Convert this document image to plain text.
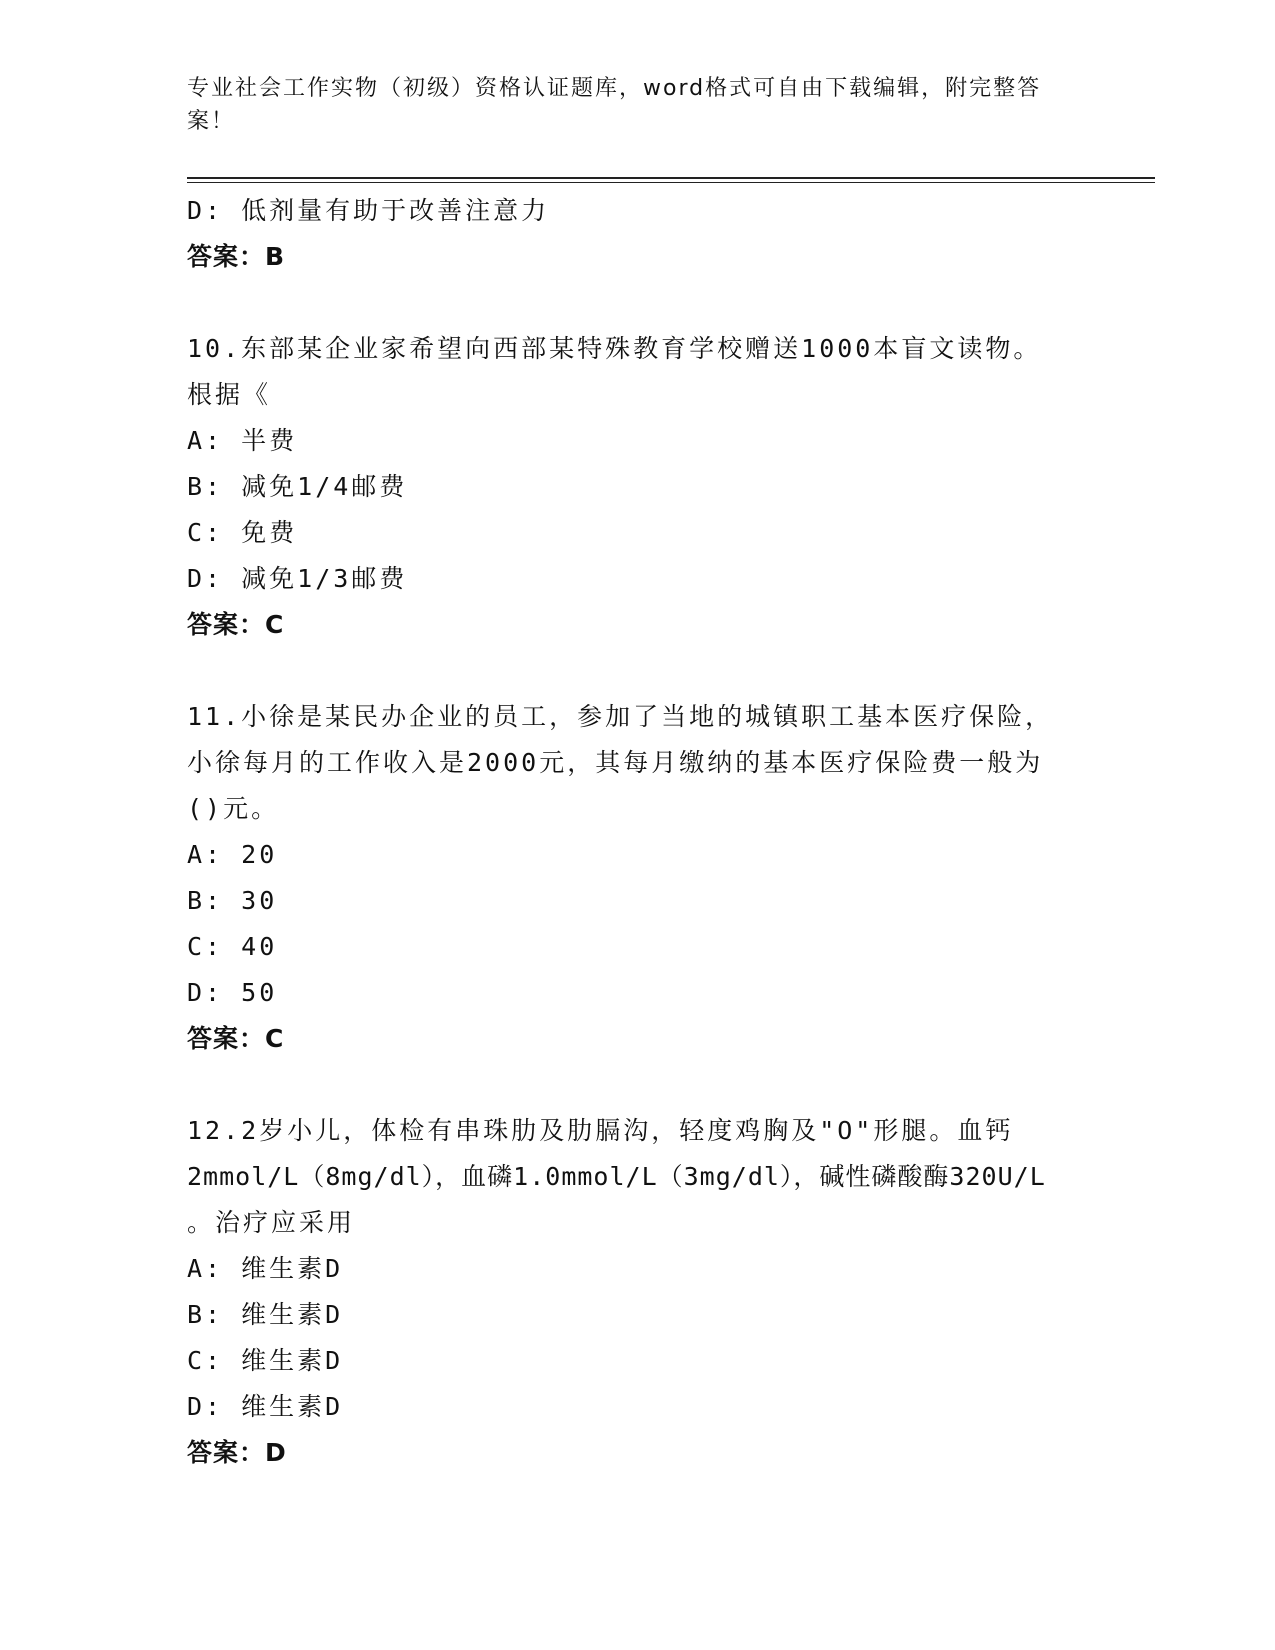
专业社会工作实物（初级）资格认证题库，word格式可自由下载编辑，附完整答
案！
D: 低剂量有助于改善注意力
答案：B
10.东部某企业家希望向西部某特殊教育学校赠送1000本盲文读物。
根据《
A: 半费
B: 减免1/4邮费
C: 免费
D: 减免1/3邮费
答案：C
11.小徐是某民办企业的员工，参加了当地的城镇职工基本医疗保险，
小徐每月的工作收入是2000元，其每月缴纳的基本医疗保险费一般为
()元。
A: 20
B: 30
C: 40
D: 50
答案：C
12.2岁小儿，体检有串珠肋及肋膈沟，轻度鸡胸及"O"形腿。血钙
2mmol/L（8mg/dl），血磷1.0mmol/L（3mg/dl），碱性磷酸酶320U/L
。治疗应采用
A: 维生素D
B: 维生素D
C: 维生素D
D: 维生素D
答案：D
